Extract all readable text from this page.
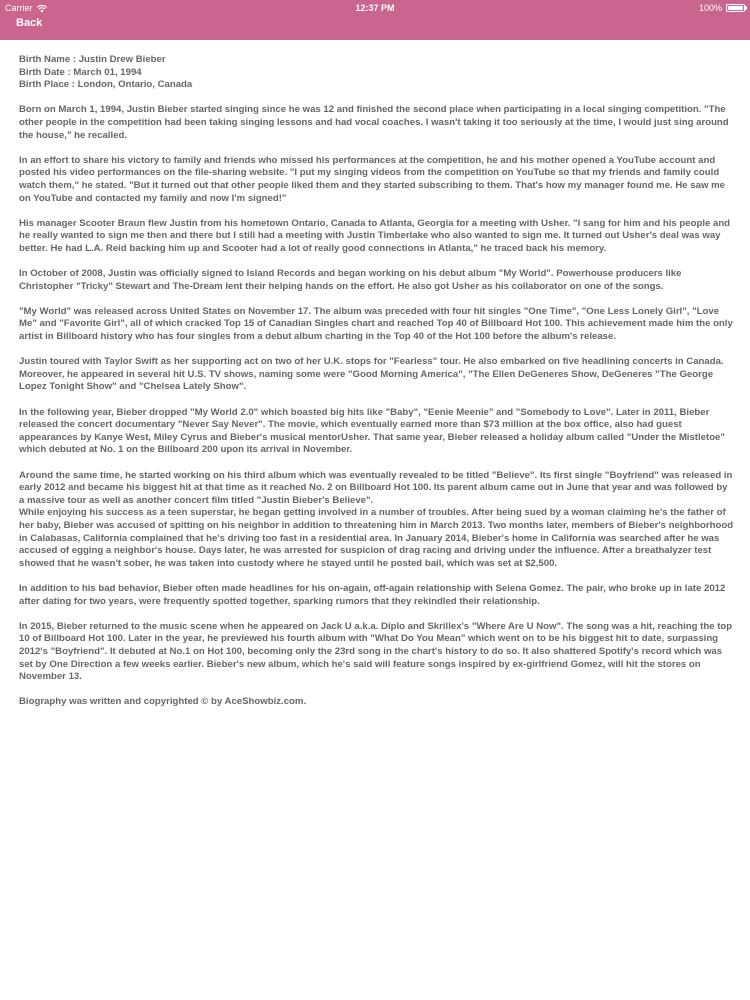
Carrier	12:37 PM	100%
Back
Birth Name : Justin Drew Bieber
Birth Date : March 01, 1994
Birth Place : London, Ontario, Canada

Born on March 1, 1994, Justin Bieber started singing since he was 12 and finished the second place when participating in a local singing competition. "The other people in the competition had been taking singing lessons and had vocal coaches. I wasn't taking it too seriously at the time, I would just sing around the house," he recalled.

In an effort to share his victory to family and friends who missed his performances at the competition, he and his mother opened a YouTube account and posted his video performances on the file-sharing website. "I put my singing videos from the competition on YouTube so that my friends and family could watch them," he stated. "But it turned out that other people liked them and they started subscribing to them. That's how my manager found me. He saw me on YouTube and contacted my family and now I'm signed!"

His manager Scooter Braun flew Justin from his hometown Ontario, Canada to Atlanta, Georgia for a meeting with Usher. "I sang for him and his people and he really wanted to sign me then and there but I still had a meeting with Justin Timberlake who also wanted to sign me. It turned out Usher's deal was way better. He had L.A. Reid backing him up and Scooter had a lot of really good connections in Atlanta," he traced back his memory.

In October of 2008, Justin was officially signed to Island Records and began working on his debut album "My World". Powerhouse producers like Christopher "Tricky" Stewart and The-Dream lent their helping hands on the effort. He also got Usher as his collaborator on one of the songs.

"My World" was released across United States on November 17. The album was preceded with four hit singles "One Time", "One Less Lonely Girl", "Love Me" and "Favorite Girl", all of which cracked Top 15 of Canadian Singles chart and reached Top 40 of Billboard Hot 100. This achievement made him the only artist in Billboard history who has four singles from a debut album charting in the Top 40 of the Hot 100 before the album's release.

Justin toured with Taylor Swift as her supporting act on two of her U.K. stops for "Fearless" tour. He also embarked on five headlining concerts in Canada. Moreover, he appeared in several hit U.S. TV shows, naming some were "Good Morning America", "The Ellen DeGeneres Show, DeGeneres "The George Lopez Tonight Show" and "Chelsea Lately Show".

In the following year, Bieber dropped "My World 2.0" which boasted big hits like "Baby", "Eenie Meenie" and "Somebody to Love". Later in 2011, Bieber released the concert documentary "Never Say Never". The movie, which eventually earned more than $73 million at the box office, also had guest appearances by Kanye West, Miley Cyrus and Bieber's musical mentorUsher. That same year, Bieber released a holiday album called "Under the Mistletoe" which debuted at No. 1 on the Billboard 200 upon its arrival in November.

Around the same time, he started working on his third album which was eventually revealed to be titled "Believe". Its first single "Boyfriend" was released in early 2012 and became his biggest hit at that time as it reached No. 2 on Billboard Hot 100. Its parent album came out in June that year and was followed by a massive tour as well as another concert film titled "Justin Bieber's Believe".

While enjoying his success as a teen superstar, he began getting involved in a number of troubles. After being sued by a woman claiming he's the father of her baby, Bieber was accused of spitting on his neighbor in addition to threatening him in March 2013. Two months later, members of Bieber's neighborhood in Calabasas, California complained that he's driving too fast in a residential area. In January 2014, Bieber's home in California was searched after he was accused of egging a neighbor's house. Days later, he was arrested for suspicion of drag racing and driving under the influence. After a breathalyzer test showed that he wasn't sober, he was taken into custody where he stayed until he posted bail, which was set at $2,500.

In addition to his bad behavior, Bieber often made headlines for his on-again, off-again relationship with Selena Gomez. The pair, who broke up in late 2012 after dating for two years, were frequently spotted together, sparking rumors that they rekindled their relationship.

In 2015, Bieber returned to the music scene when he appeared on Jack U a.k.a. Diplo and Skrillex's "Where Are U Now". The song was a hit, reaching the top 10 of Billboard Hot 100. Later in the year, he previewed his fourth album with "What Do You Mean" which went on to be his biggest hit to date, surpassing 2012's "Boyfriend". It debuted at No.1 on Hot 100, becoming only the 23rd song in the chart's history to do so. It also shattered Spotify's record which was set by One Direction a few weeks earlier. Bieber's new album, which he's said will feature songs inspired by ex-girlfriend Gomez, will hit the stores on November 13.

Biography was written and copyrighted © by AceShowbiz.com.
